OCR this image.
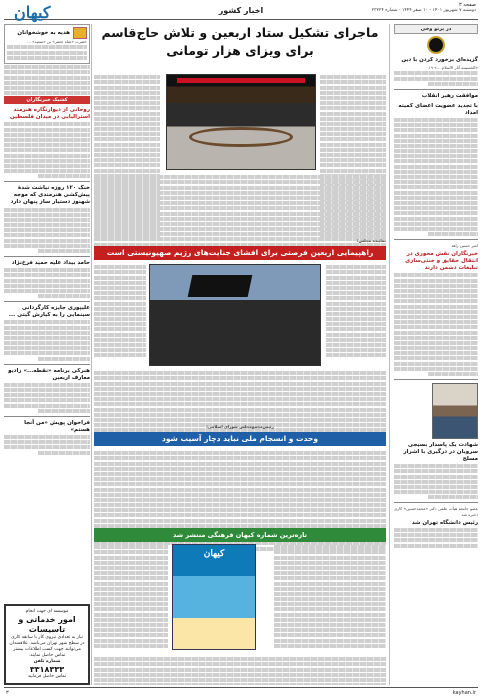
صفحه ۳
دوشنبه ۷ شهریور ۱۴۰۱ - ۱۰ صفر ۱۴۴۴ - شماره ۲۳۲۲۴
اخبار کشور
کیهان
در پرتو وحی
گزیده‌ای برخورد کردن با دین
«الحسینیه‌ آثار الاسلام ...» ۱۹
موافقت رهبر انقلاب
با تجدید عضویت اعضای کمیته امداد
امیر حسین زاهد
خبرنگاران نقش محوری در انتقال حقایق و خنثی‌سازی تبلیغات دشمن دارند
شهادت یک پاسدار بسیجی سروبان در درگیری با اشرار مسلح
عضو جامعه‌ هیأت علمی دکتر «محمدحسین» کاری ذخیره شد
رئیس دانشگاه تهران شد
ماجرای تشکیل ستاد اربعین و تلاش حاج‌قاسم
برای ویزای هزار تومانی
نماینده مجلس:
راهپیمایی اربعین فرصتی برای افشای جنایت‌های رژیم صهیونیستی است
رئیس‌مجمع‌مجلس شورای اسلامی:
وحدت و انسجام ملی نباید دچار آسیب شود
تازه‌ترین شماره کیهان فرهنگی منتشر شد
کیهان
هدیه به خوشخوانان
حضرت «شاه جعفر» بن «سعید» ...
کشیک خبرنگاران
روحانی از دیوارنگاره‌ هنرمند استرالیایی در میدان فلسطین
خنک ۱۲۰ روزه نیاشت شدهٔ پیش‌کشی هنرمندی که موجه شهنوز دستیار ساز پنهان دارد
حامد بیداد علیه حمید فرخ‌نژاد
علیپوری جایزه کارگردانی سینمایی را به کیارش گیتی ...
هنرکی برنامه «نقطه‌...» رادیو معارف اربعین
فراخوان پویش «من آنجا هستم»
موسسه ای جهت انجام
امور خدماتی و تاسیسات
نیاز به تعدادی نیروی کار با سابقه کاری در سطح شهر تهران می‌باشد. علاقمندان می‌توانند جهت کسب اطلاعات بیشتر تماس حاصل نمایند.
شماره تلفن
۳۳۱۸۳۳۳
تماس حاصل فرمایید
۳	kayhan.ir
